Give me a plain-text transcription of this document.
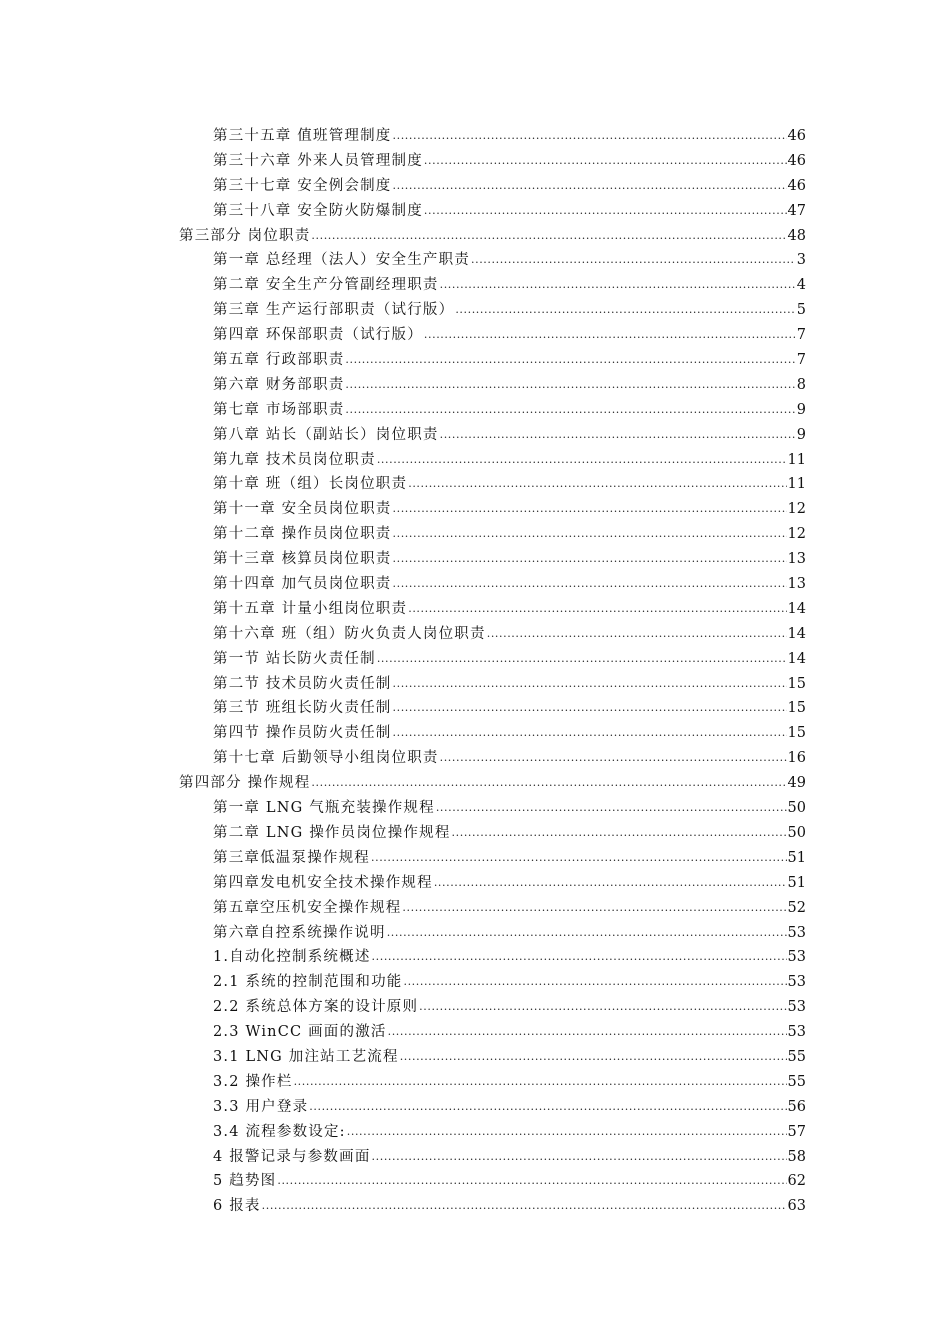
第三十五章 值班管理制度 .....	46
第三十六章 外来人员管理制度 .....	46
第三十七章 安全例会制度 .....	46
第三十八章 安全防火防爆制度 .....	47
第三部分 岗位职责 .....	48
第一章 总经理（法人）安全生产职责 .....	3
第二章 安全生产分管副经理职责 .....	4
第三章 生产运行部职责（试行版） .....	5
第四章 环保部职责（试行版） .....	7
第五章 行政部职责 .....	7
第六章 财务部职责 .....	8
第七章 市场部职责 .....	9
第八章 站长（副站长）岗位职责 .....	9
第九章 技术员岗位职责 .....	11
第十章 班（组）长岗位职责 .....	11
第十一章 安全员岗位职责 .....	12
第十二章 操作员岗位职责 .....	12
第十三章 核算员岗位职责 .....	13
第十四章 加气员岗位职责 .....	13
第十五章 计量小组岗位职责 .....	14
第十六章 班（组）防火负责人岗位职责 .....	14
第一节 站长防火责任制 .....	14
第二节 技术员防火责任制 .....	15
第三节 班组长防火责任制 .....	15
第四节 操作员防火责任制 .....	15
第十七章 后勤领导小组岗位职责 .....	16
第四部分 操作规程 .....	49
第一章 LNG 气瓶充装操作规程 .....	50
第二章 LNG 操作员岗位操作规程 .....	50
第三章低温泵操作规程 .....	51
第四章发电机安全技术操作规程 .....	51
第五章空压机安全操作规程 .....	52
第六章自控系统操作说明 .....	53
1.自动化控制系统概述 .....	53
2.1 系统的控制范围和功能 .....	53
2.2 系统总体方案的设计原则 .....	53
2.3 WinCC 画面的激活 .....	53
3.1 LNG 加注站工艺流程 .....	55
3.2 操作栏 .....	55
3.3 用户登录 .....	56
3.4 流程参数设定: .....	57
4 报警记录与参数画面 .....	58
5 趋势图 .....	62
6 报表 .....	63
